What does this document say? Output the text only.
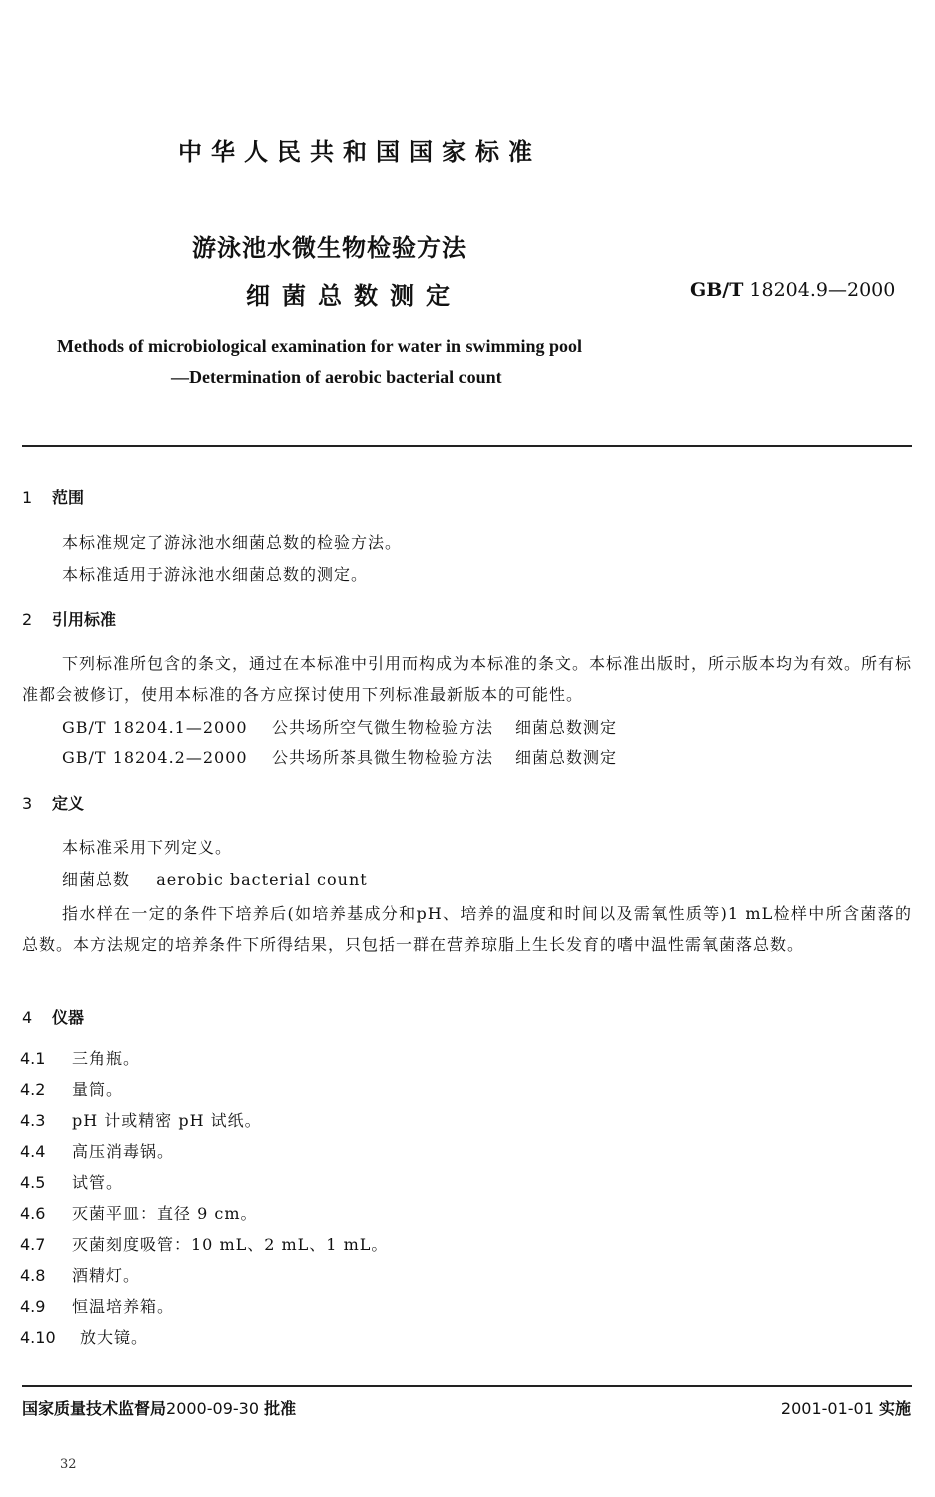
中华人民共和国国家标准
游泳池水微生物检验方法
细菌总数测定	GB/T 18204.9—2000
Methods of microbiological examination for water in swimming pool
—Determination of aerobic bacterial count
1 范围
本标准规定了游泳池水细菌总数的检验方法。
本标准适用于游泳池水细菌总数的测定。
2 引用标准
下列标准所包含的条文，通过在本标准中引用而构成为本标准的条文。本标准出版时，所示版本均为有效。所有标准都会被修订，使用本标准的各方应探讨使用下列标准最新版本的可能性。
GB/T 18204.1—2000 公共场所空气微生物检验方法 细菌总数测定
GB/T 18204.2—2000 公共场所茶具微生物检验方法 细菌总数测定
3 定义
本标准采用下列定义。
细菌总数 aerobic bacterial count
指水样在一定的条件下培养后(如培养基成分和pH、培养的温度和时间以及需氧性质等)1 mL检样中所含菌落的总数。本方法规定的培养条件下所得结果，只包括一群在营养琼脂上生长发育的嗜中温性需氧菌落总数。
4 仪器
4.1 三角瓶。
4.2 量筒。
4.3 pH 计或精密 pH 试纸。
4.4 高压消毒锅。
4.5 试管。
4.6 灭菌平皿：直径 9 cm。
4.7 灭菌刻度吸管：10 mL、2 mL、1 mL。
4.8 酒精灯。
4.9 恒温培养箱。
4.10 放大镜。
国家质量技术监督局2000-09-30 批准	2001-01-01 实施
32
